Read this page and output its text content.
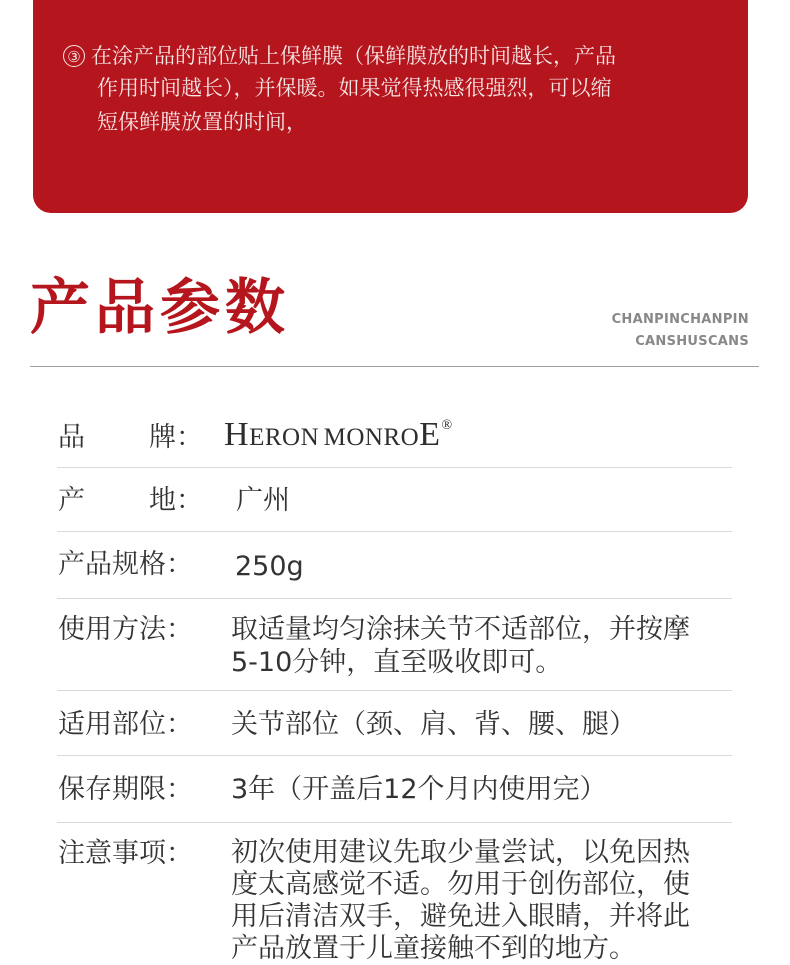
③ 在涂产品的部位贴上保鲜膜（保鲜膜放的时间越长，产品
作用时间越长），并保暖。如果觉得热感很强烈，可以缩
短保鲜膜放置的时间，
产品参数	CHANPINCHANPIN
CANSHUSCANS
品 牌： HERON MONROE®
产 地： 广州
产品规格： 250g
使用方法： 取适量均匀涂抹关节不适部位，并按摩
5-10分钟，直至吸收即可。
适用部位： 关节部位（颈、肩、背、腰、腿）
保存期限： 3年（开盖后12个月内使用完）
注意事项： 初次使用建议先取少量尝试，以免因热
度太高感觉不适。勿用于创伤部位，使
用后清洁双手，避免进入眼睛，并将此
产品放置于儿童接触不到的地方。
